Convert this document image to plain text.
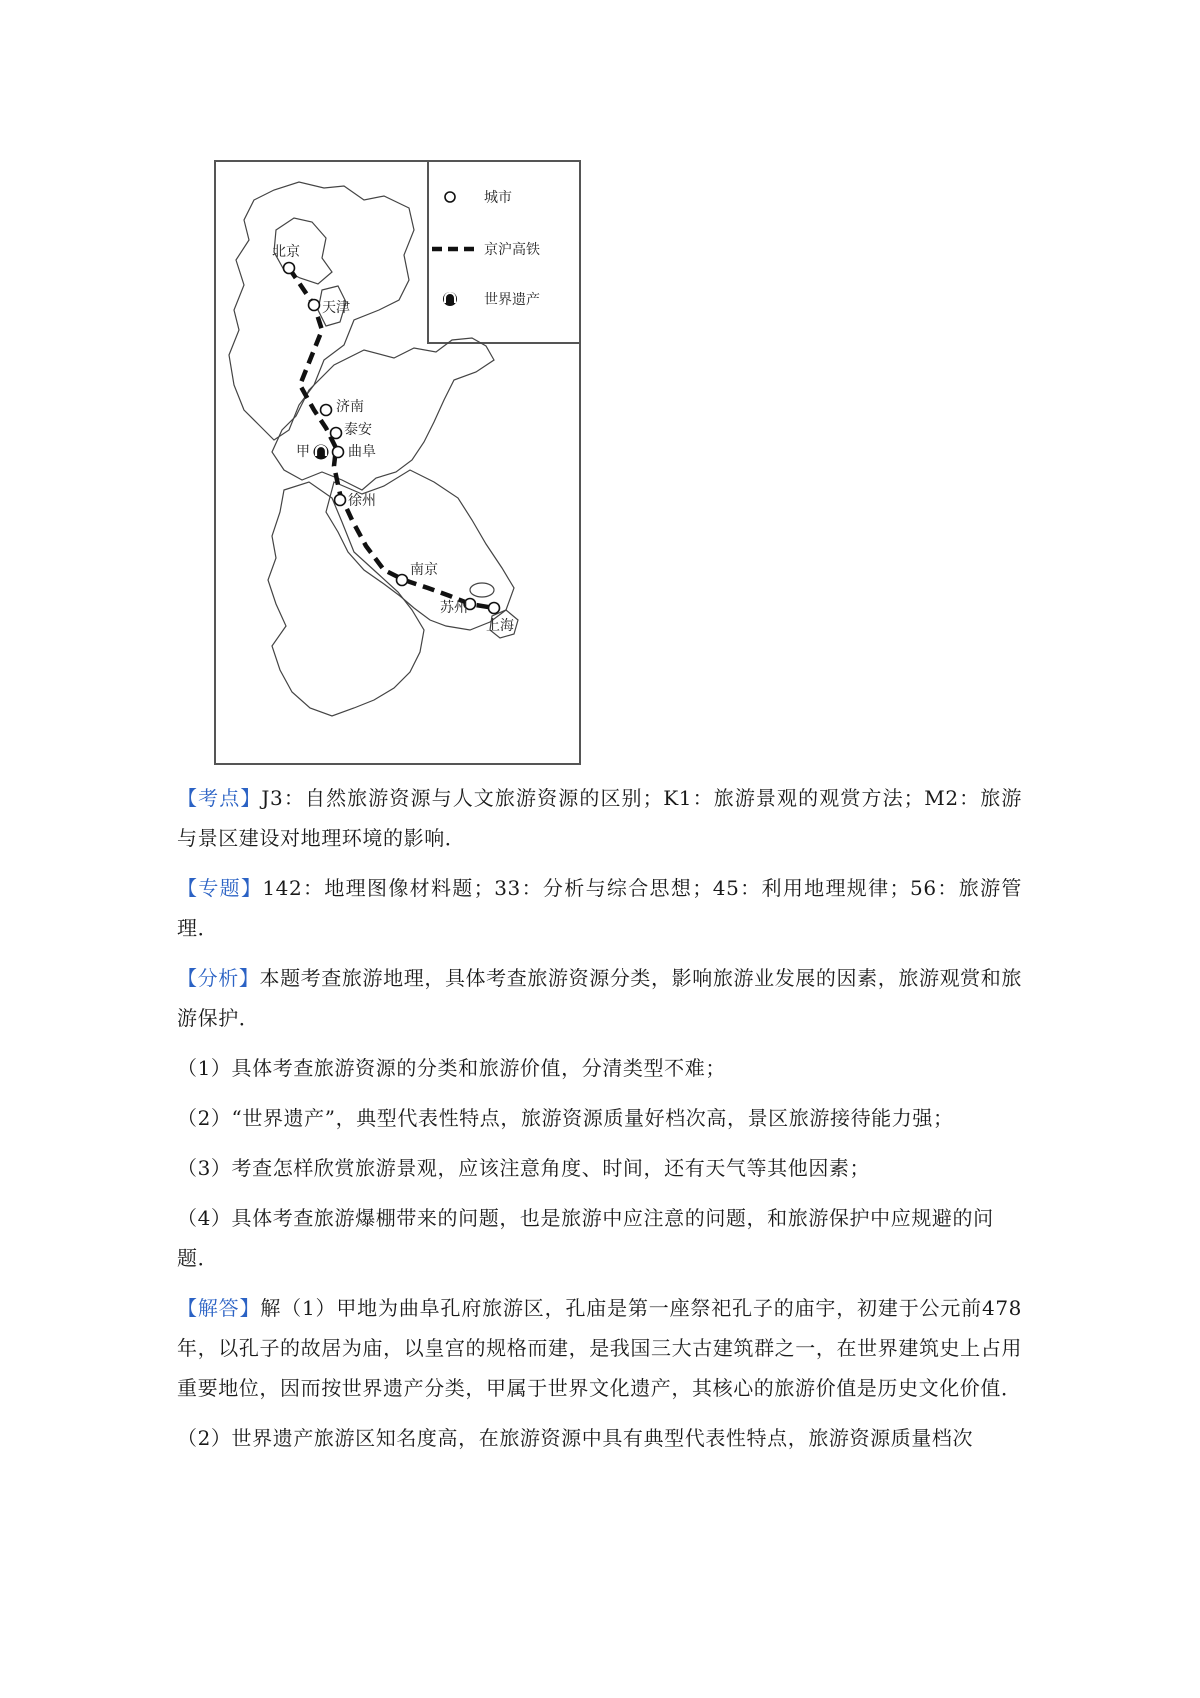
北京
天津
济南
泰安
曲阜
甲
徐州
南京
苏州
上海
城市
京沪高铁
世界遗产

【考点】J3：自然旅游资源与人文旅游资源的区别；K1：旅游景观的观赏方法；M2：旅游与景区建设对地理环境的影响．

【专题】142：地理图像材料题；33：分析与综合思想；45：利用地理规律；56：旅游管理．

【分析】本题考查旅游地理，具体考查旅游资源分类，影响旅游业发展的因素，旅游观赏和旅游保护．

（1）具体考查旅游资源的分类和旅游价值，分清类型不难；

（2）“世界遗产”，典型代表性特点，旅游资源质量好档次高，景区旅游接待能力强；

（3）考查怎样欣赏旅游景观，应该注意角度、时间，还有天气等其他因素；

（4）具体考查旅游爆棚带来的问题，也是旅游中应注意的问题，和旅游保护中应规避的问题．

【解答】解（1）甲地为曲阜孔府旅游区，孔庙是第一座祭祀孔子的庙宇，初建于公元前478年，以孔子的故居为庙，以皇宫的规格而建，是我国三大古建筑群之一，在世界建筑史上占用重要地位，因而按世界遗产分类，甲属于世界文化遗产，其核心的旅游价值是历史文化价值．

（2）世界遗产旅游区知名度高，在旅游资源中具有典型代表性特点，旅游资源质量档次
